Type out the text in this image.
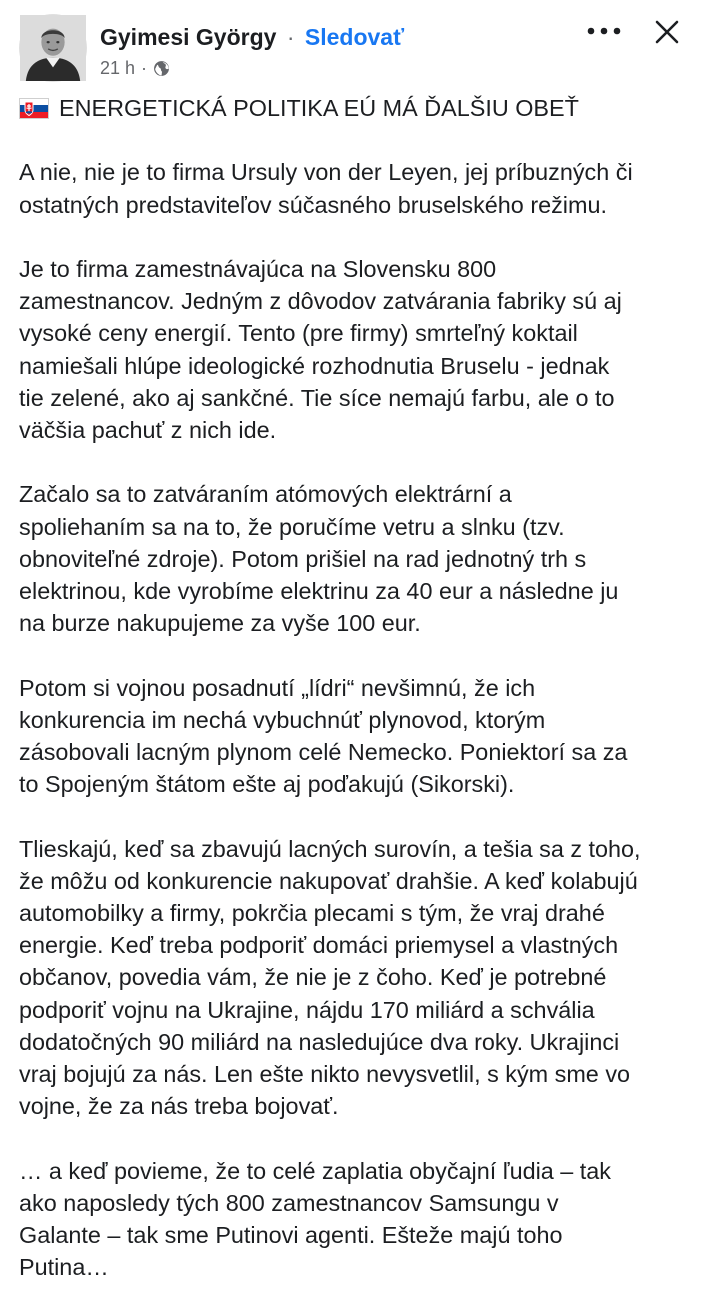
Gyimesi György · Sledovať
21 h ·

ENERGETICKÁ POLITIKA EÚ MÁ ĎALŠIU OBEŤ

A nie, nie je to firma Ursuly von der Leyen, jej príbuzných či
ostatných predstaviteľov súčasného bruselského režimu.

Je to firma zamestnávajúca na Slovensku 800
zamestnancov. Jedným z dôvodov zatvárania fabriky sú aj
vysoké ceny energií. Tento (pre firmy) smrteľný koktail
namiešali hlúpe ideologické rozhodnutia Bruselu - jednak
tie zelené, ako aj sankčné. Tie síce nemajú farbu, ale o to
väčšia pachuť z nich ide.

Začalo sa to zatváraním atómových elektrární a
spoliehaním sa na to, že poručíme vetru a slnku (tzv.
obnoviteľné zdroje). Potom prišiel na rad jednotný trh s
elektrinou, kde vyrobíme elektrinu za 40 eur a následne ju
na burze nakupujeme za vyše 100 eur.

Potom si vojnou posadnutí „lídri“ nevšimnú, že ich
konkurencia im nechá vybuchnúť plynovod, ktorým
zásobovali lacným plynom celé Nemecko. Poniektorí sa za
to Spojeným štátom ešte aj poďakujú (Sikorski).

Tlieskajú, keď sa zbavujú lacných surovín, a tešia sa z toho,
že môžu od konkurencie nakupovať drahšie. A keď kolabujú
automobilky a firmy, pokrčia plecami s tým, že vraj drahé
energie. Keď treba podporiť domáci priemysel a vlastných
občanov, povedia vám, že nie je z čoho. Keď je potrebné
podporiť vojnu na Ukrajine, nájdu 170 miliárd a schvália
dodatočných 90 miliárd na nasledujúce dva roky. Ukrajinci
vraj bojujú za nás. Len ešte nikto nevysvetlil, s kým sme vo
vojne, že za nás treba bojovať.

… a keď povieme, že to celé zaplatia obyčajní ľudia – tak
ako naposledy tých 800 zamestnancov Samsungu v
Galante – tak sme Putinovi agenti. Ešteže majú toho
Putina…
